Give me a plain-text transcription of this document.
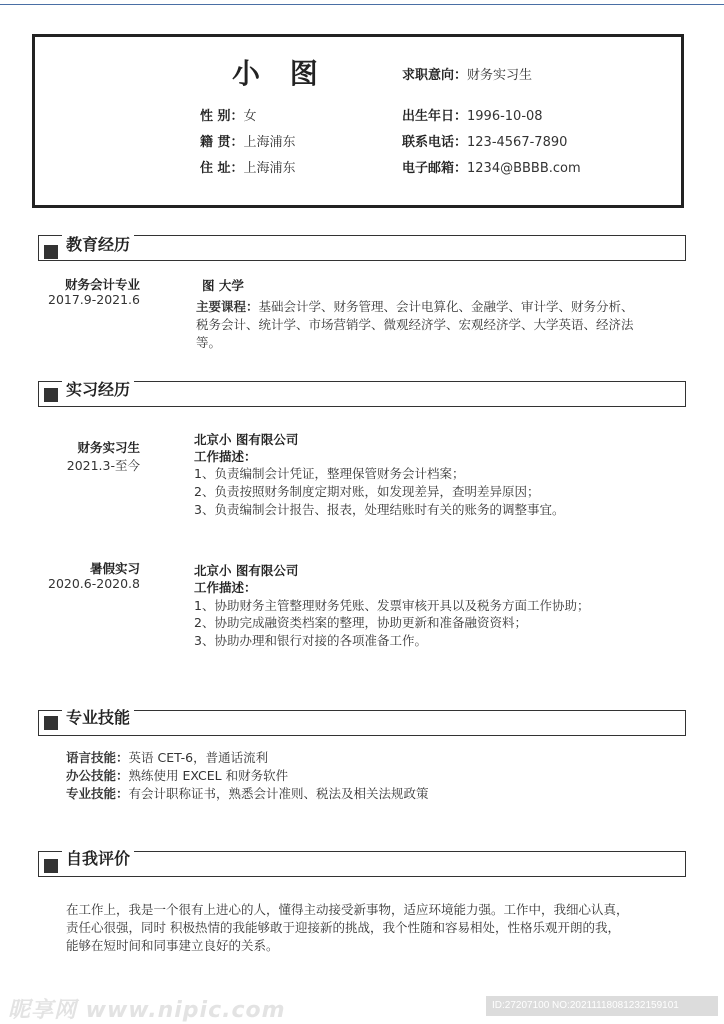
小 图	求职意向：财务实习生
性 别：女
籍 贯：上海浦东
住 址：上海浦东
出生年日：1996-10-08
联系电话：123-4567-7890
电子邮箱：1234@BBBB.com
教育经历
财务会计专业
2017.9-2021.6
图 大学
主要课程：基础会计学、财务管理、会计电算化、金融学、审计学、财务分析、
税务会计、统计学、市场营销学、微观经济学、宏观经济学、大学英语、经济法
等。
实习经历
财务实习生
2021.3-至今
北京小 图有限公司
工作描述：
1、负责编制会计凭证，整理保管财务会计档案；
2、负责按照财务制度定期对账，如发现差异，查明差异原因；
3、负责编制会计报告、报表，处理结账时有关的账务的调整事宜。
暑假实习
2020.6-2020.8
北京小 图有限公司
工作描述：
1、协助财务主管整理财务凭账、发票审核开具以及税务方面工作协助；
2、协助完成融资类档案的整理，协助更新和准备融资资料；
3、协助办理和银行对接的各项准备工作。
专业技能
语言技能：英语 CET-6，普通话流利
办公技能：熟练使用 EXCEL 和财务软件
专业技能：有会计职称证书，熟悉会计准则、税法及相关法规政策
自我评价
在工作上，我是一个很有上进心的人，懂得主动接受新事物，适应环境能力强。工作中，我细心认真，
责任心很强，同时 积极热情的我能够敢于迎接新的挑战，我个性随和容易相处，性格乐观开朗的我，
能够在短时间和同事建立良好的关系。
昵享网 www.nipic.com	ID:27207100 NO:20211118081232159101
